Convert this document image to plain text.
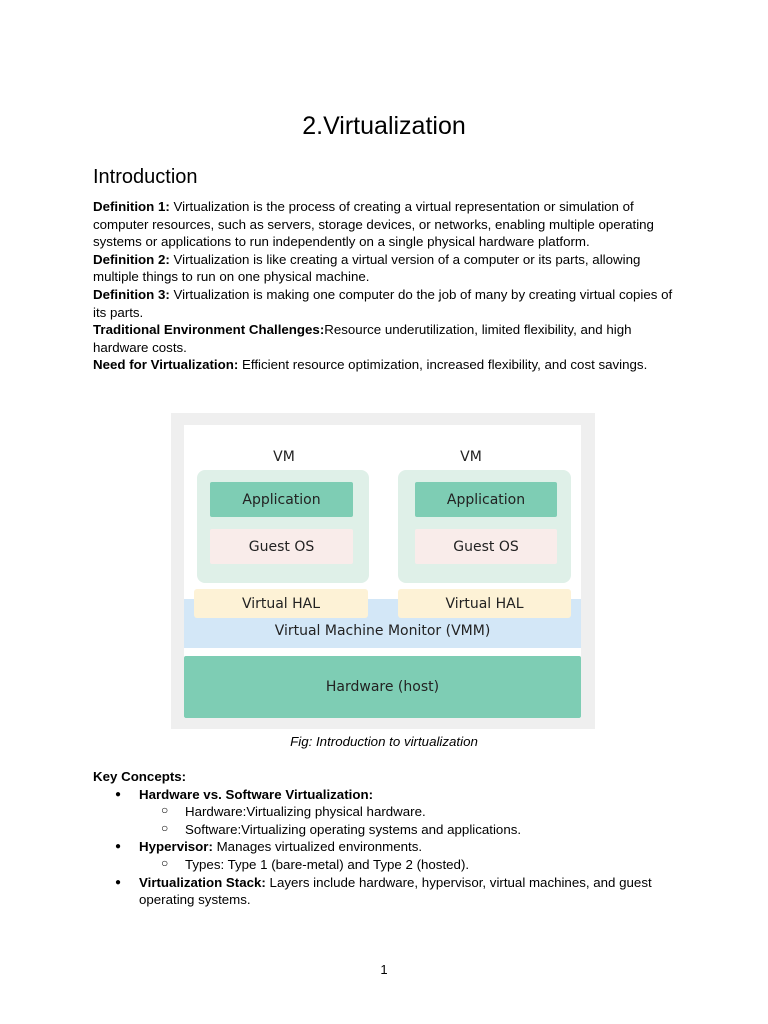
2.Virtualization
Introduction

Definition 1: Virtualization is the process of creating a virtual representation or simulation of computer resources, such as servers, storage devices, or networks, enabling multiple operating systems or applications to run independently on a single physical hardware platform.

Definition 2: Virtualization is like creating a virtual version of a computer or its parts, allowing multiple things to run on one physical machine.

Definition 3: Virtualization is making one computer do the job of many by creating virtual copies of its parts.

Traditional Environment Challenges:Resource underutilization, limited flexibility, and high hardware costs.

Need for Virtualization: Efficient resource optimization, increased flexibility, and cost savings.

VM	VM
Application
Guest OS
Application
Guest OS
Virtual Machine Monitor (VMM)
Virtual HAL	Virtual HAL
Hardware (host)
Fig: Introduction to virtualization

Key Concepts:

● Hardware vs. Software Virtualization:
○ Hardware:Virtualizing physical hardware.
○ Software:Virtualizing operating systems and applications.
● Hypervisor: Manages virtualized environments.
○ Types: Type 1 (bare-metal) and Type 2 (hosted).
● Virtualization Stack: Layers include hardware, hypervisor, virtual machines, and guest operating systems.
1
